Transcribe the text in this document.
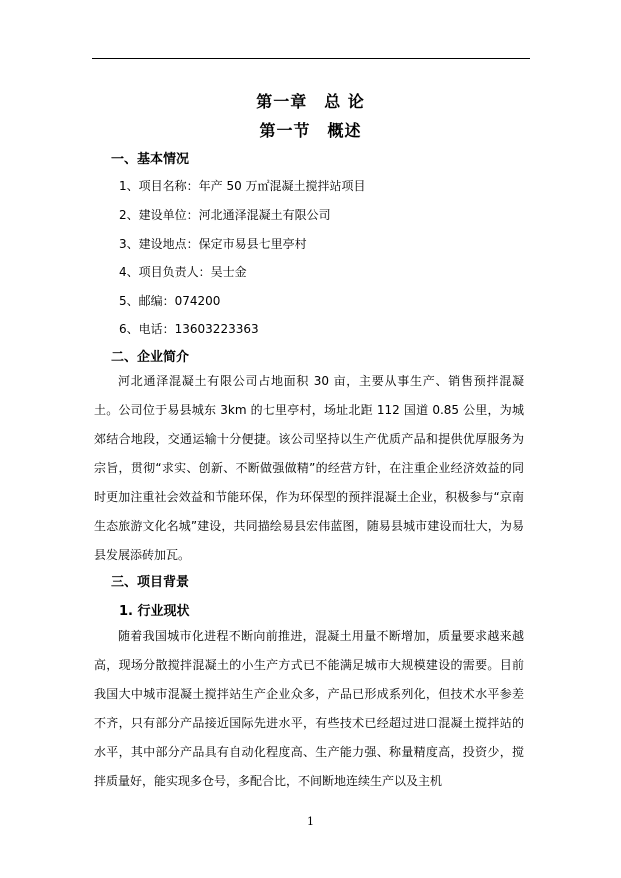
第一章　总 论
第一节　概述
一、基本情况
1、项目名称：年产 50 万㎡混凝土搅拌站项目
2、建设单位：河北通泽混凝土有限公司
3、建设地点：保定市易县七里亭村
4、项目负责人：吴士金
5、邮编：074200
6、电话：13603223363
二、企业简介
河北通泽混凝土有限公司占地面积 30 亩，主要从事生产、销售预拌混凝土。公司位于易县城东 3km 的七里亭村，场址北距 112 国道 0.85 公里，为城郊结合地段，交通运输十分便捷。该公司坚持以生产优质产品和提供优厚服务为宗旨，贯彻“求实、创新、不断做强做精”的经营方针，在注重企业经济效益的同时更加注重社会效益和节能环保，作为环保型的预拌混凝土企业，积极参与“京南生态旅游文化名城”建设，共同描绘易县宏伟蓝图，随易县城市建设而壮大，为易县发展添砖加瓦。
三、项目背景
1. 行业现状
随着我国城市化进程不断向前推进，混凝土用量不断增加，质量要求越来越高，现场分散搅拌混凝土的小生产方式已不能满足城市大规模建设的需要。目前我国大中城市混凝土搅拌站生产企业众多，产品已形成系列化，但技术水平参差不齐，只有部分产品接近国际先进水平，有些技术已经超过进口混凝土搅拌站的水平，其中部分产品具有自动化程度高、生产能力强、称量精度高，投资少，搅拌质量好，能实现多仓号，多配合比，不间断地连续生产以及主机
1
